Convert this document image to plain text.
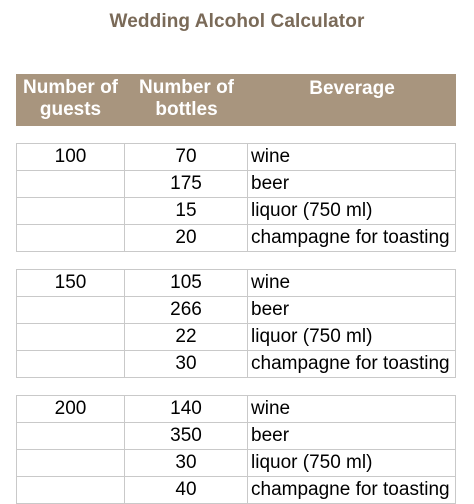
Wedding Alcohol Calculator
Number of guests	Number of bottles	Beverage

100	70	wine
	175	beer
	15	liquor (750 ml)
	20	champagne for toasting

150	105	wine
	266	beer
	22	liquor (750 ml)
	30	champagne for toasting

200	140	wine
	350	beer
	30	liquor (750 ml)
	40	champagne for toasting
